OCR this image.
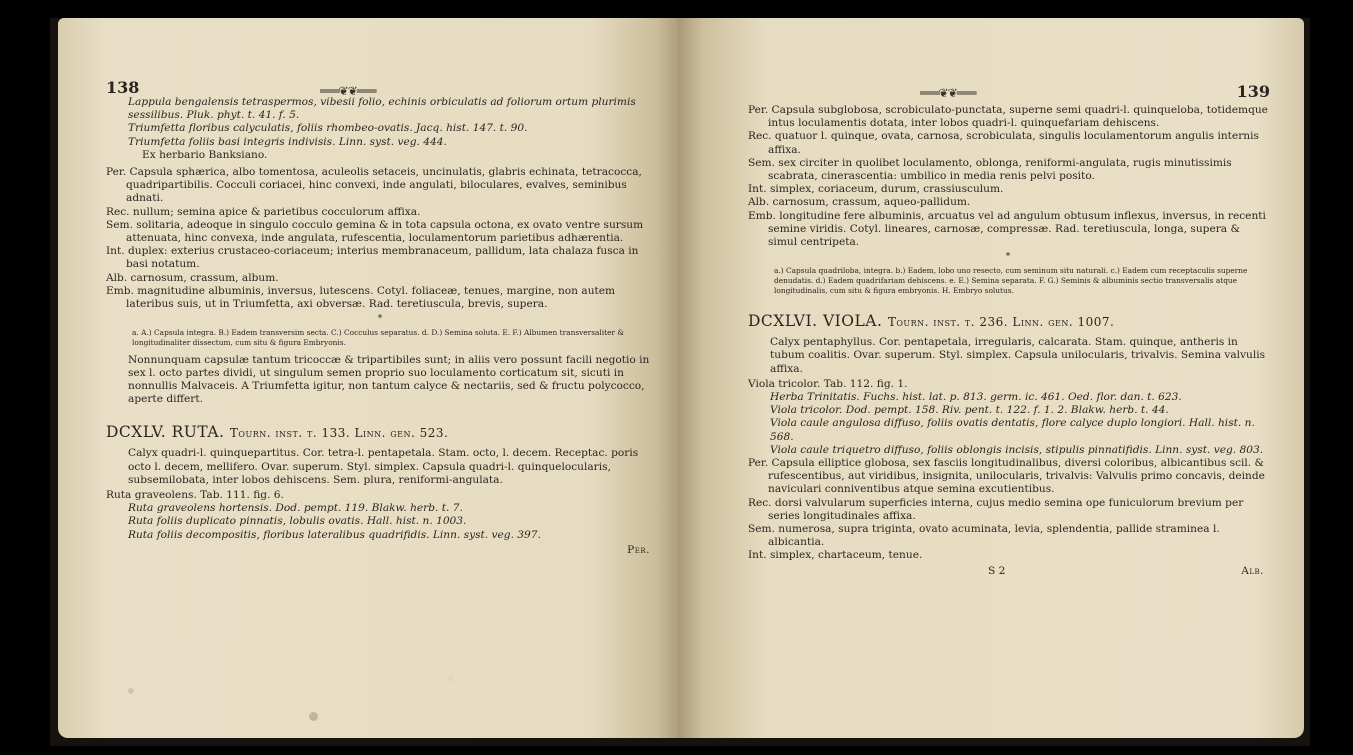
138	═══❦❦═══

Lappula bengalensis tetraspermos, vibesii folio, echinis orbiculatis ad foliorum ortum plurimis sessilibus. Pluk. phyt. t. 41. f. 5.

Triumfetta floribus calyculatis, foliis rhombeo-ovatis. Jacq. hist. 147. t. 90.

Triumfetta foliis basi integris indivisis. Linn. syst. veg. 444.

Ex herbario Banksiano.

Per. Capsula sphærica, albo tomentosa, aculeolis setaceis, uncinulatis, glabris echinata, tetracocca, quadripartibilis. Cocculi coriacei, hinc convexi, inde angulati, biloculares, evalves, seminibus adnati.

Rec. nullum; semina apice & parietibus cocculorum affixa.

Sem. solitaria, adeoque in singulo cocculo gemina & in tota capsula octona, ex ovato ventre sursum attenuata, hinc convexa, inde angulata, rufescentia, loculamentorum parietibus adhærentia.

Int. duplex: exterius crustaceo-coriaceum; interius membranaceum, pallidum, lata chalaza fusca in basi notatum.

Alb. carnosum, crassum, album.

Emb. magnitudine albuminis, inversus, lutescens. Cotyl. foliaceæ, tenues, margine, non autem lateribus suis, ut in Triumfetta, axi obversæ. Rad. teretiuscula, brevis, supera.

*

a. A.) Capsula integra. B.) Eadem transversim secta. C.) Cocculus separatus. d. D.) Semina soluta. E. F.) Albumen transversaliter & longitudinaliter dissectum, cum situ & figura Embryonis.

Nonnunquam capsulæ tantum tricoccæ & tripartibiles sunt; in aliis vero possunt facili negotio in sex l. octo partes dividi, ut singulum semen proprio suo loculamento corticatum sit, sicuti in nonnullis Malvaceis. A Triumfetta igitur, non tantum calyce & nectariis, sed & fructu polycocco, aperte differt.

DCXLV. RUTA. Tourn. inst. t. 133. Linn. gen. 523.

Calyx quadri-l. quinquepartitus. Cor. tetra-l. pentapetala. Stam. octo, l. decem. Receptac. poris octo l. decem, mellifero. Ovar. superum. Styl. simplex. Capsula quadri-l. quinquelocularis, subsemilobata, inter lobos dehiscens. Sem. plura, reniformi-angulata.

Ruta graveolens. Tab. 111. fig. 6.

Ruta graveolens hortensis. Dod. pempt. 119. Blakw. herb. t. 7.

Ruta foliis duplicato pinnatis, lobulis ovatis. Hall. hist. n. 1003.

Ruta foliis decompositis, floribus lateralibus quadrifidis. Linn. syst. veg. 397.

Per.

═══❦❦═══	139

Per. Capsula subglobosa, scrobiculato-punctata, superne semi quadri-l. quinqueloba, totidemque intus loculamentis dotata, inter lobos quadri-l. quinquefariam dehiscens.

Rec. quatuor l. quinque, ovata, carnosa, scrobiculata, singulis loculamentorum angulis internis affixa.

Sem. sex circiter in quolibet loculamento, oblonga, reniformi-angulata, rugis minutissimis scabrata, cinerascentia: umbilico in media renis pelvi posito.

Int. simplex, coriaceum, durum, crassiusculum.

Alb. carnosum, crassum, aqueo-pallidum.

Emb. longitudine fere albuminis, arcuatus vel ad angulum obtusum inflexus, inversus, in recenti semine viridis. Cotyl. lineares, carnosæ, compressæ. Rad. teretiuscula, longa, supera & simul centripeta.

*

a.) Capsula quadriloba, integra. b.) Eadem, lobo uno resecto, cum seminum situ naturali. c.) Eadem cum receptaculis superne denudatis. d.) Eadem quadrifariam dehiscens. e. E.) Semina separata. F. G.) Seminis & albuminis sectio transversalis atque longitudinalis, cum situ & figura embryonis. H. Embryo solutus.

DCXLVI. VIOLA. Tourn. inst. t. 236. Linn. gen. 1007.

Calyx pentaphyllus. Cor. pentapetala, irregularis, calcarata. Stam. quinque, antheris in tubum coalitis. Ovar. superum. Styl. simplex. Capsula unilocularis, trivalvis. Semina valvulis affixa.

Viola tricolor. Tab. 112. fig. 1.

Herba Trinitatis. Fuchs. hist. lat. p. 813. germ. ic. 461. Oed. flor. dan. t. 623.

Viola tricolor. Dod. pempt. 158. Riv. pent. t. 122. f. 1. 2. Blakw. herb. t. 44.

Viola caule angulosa diffuso, foliis ovatis dentatis, flore calyce duplo longiori. Hall. hist. n. 568.

Viola caule triquetro diffuso, foliis oblongis incisis, stipulis pinnatifidis. Linn. syst. veg. 803.

Per. Capsula elliptice globosa, sex fasciis longitudinalibus, diversi coloribus, albicantibus scil. & rufescentibus, aut viridibus, insignita, unilocularis, trivalvis: Valvulis primo concavis, deinde naviculari conniventibus atque semina excutientibus.

Rec. dorsi valvularum superficies interna, cujus medio semina ope funiculorum brevium per series longitudinales affixa.

Sem. numerosa, supra triginta, ovato acuminata, levia, splendentia, pallide straminea l. albicantia.

Int. simplex, chartaceum, tenue.

S 2	Alb.
